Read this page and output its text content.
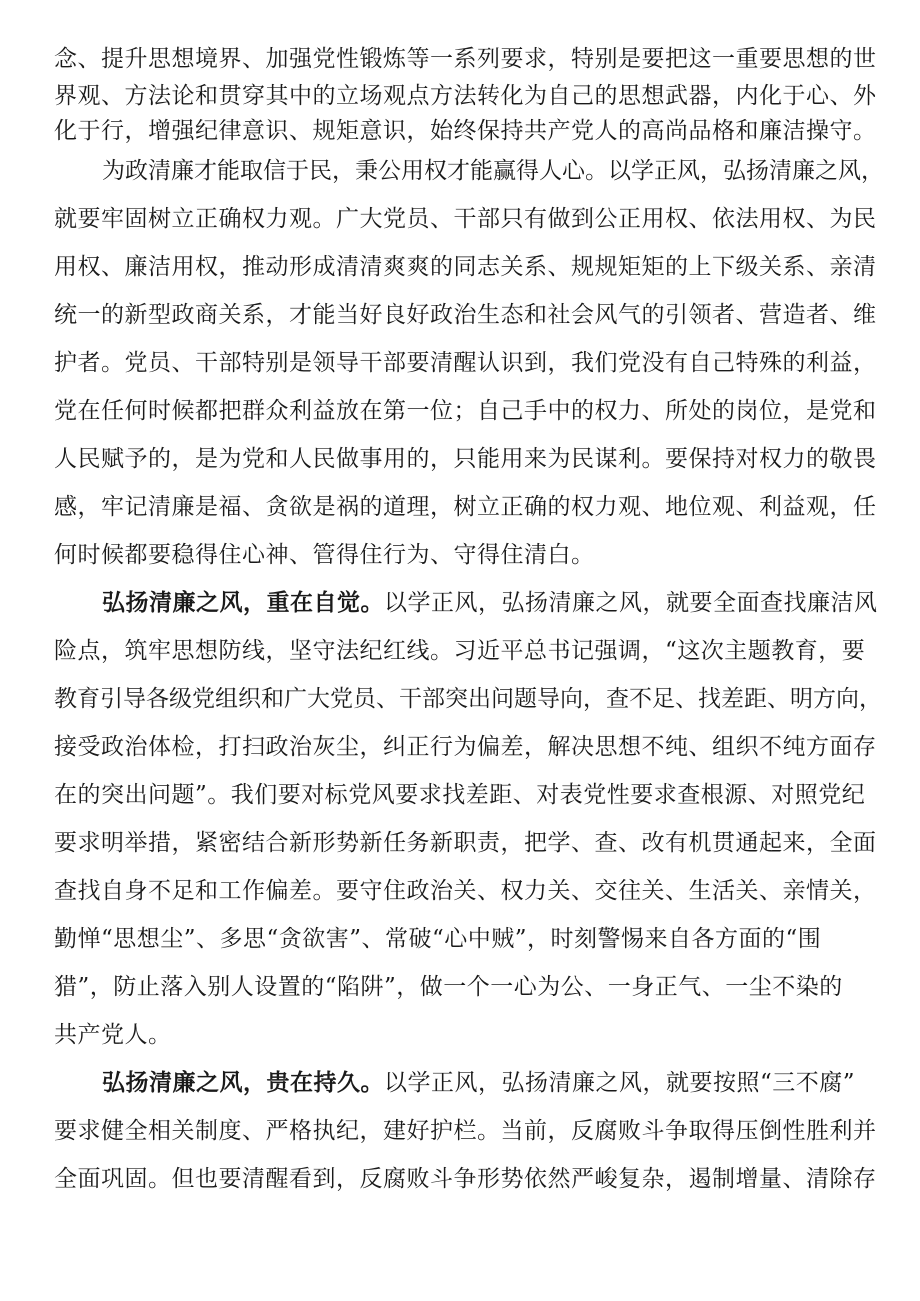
念、提升思想境界、加强党性锻炼等一系列要求，特别是要把这一重要思想的世
界观、方法论和贯穿其中的立场观点方法转化为自己的思想武器，内化于心、外
化于行，增强纪律意识、规矩意识，始终保持共产党人的高尚品格和廉洁操守。
为政清廉才能取信于民，秉公用权才能赢得人心。以学正风，弘扬清廉之风，
就要牢固树立正确权力观。广大党员、干部只有做到公正用权、依法用权、为民
用权、廉洁用权，推动形成清清爽爽的同志关系、规规矩矩的上下级关系、亲清
统一的新型政商关系，才能当好良好政治生态和社会风气的引领者、营造者、维
护者。党员、干部特别是领导干部要清醒认识到，我们党没有自己特殊的利益，
党在任何时候都把群众利益放在第一位；自己手中的权力、所处的岗位，是党和
人民赋予的，是为党和人民做事用的，只能用来为民谋利。要保持对权力的敬畏
感，牢记清廉是福、贪欲是祸的道理，树立正确的权力观、地位观、利益观，任
何时候都要稳得住心神、管得住行为、守得住清白。
弘扬清廉之风，重在自觉。以学正风，弘扬清廉之风，就要全面查找廉洁风
险点，筑牢思想防线，坚守法纪红线。习近平总书记强调，“这次主题教育，要
教育引导各级党组织和广大党员、干部突出问题导向，查不足、找差距、明方向，
接受政治体检，打扫政治灰尘，纠正行为偏差，解决思想不纯、组织不纯方面存
在的突出问题”。我们要对标党风要求找差距、对表党性要求查根源、对照党纪
要求明举措，紧密结合新形势新任务新职责，把学、查、改有机贯通起来，全面
查找自身不足和工作偏差。要守住政治关、权力关、交往关、生活关、亲情关，
勤惮“思想尘”、多思“贪欲害”、常破“心中贼”，时刻警惕来自各方面的“围
猎”，防止落入别人设置的“陷阱”，做一个一心为公、一身正气、一尘不染的
共产党人。
弘扬清廉之风，贵在持久。以学正风，弘扬清廉之风，就要按照“三不腐”
要求健全相关制度、严格执纪，建好护栏。当前，反腐败斗争取得压倒性胜利并
全面巩固。但也要清醒看到，反腐败斗争形势依然严峻复杂，遏制增量、清除存
